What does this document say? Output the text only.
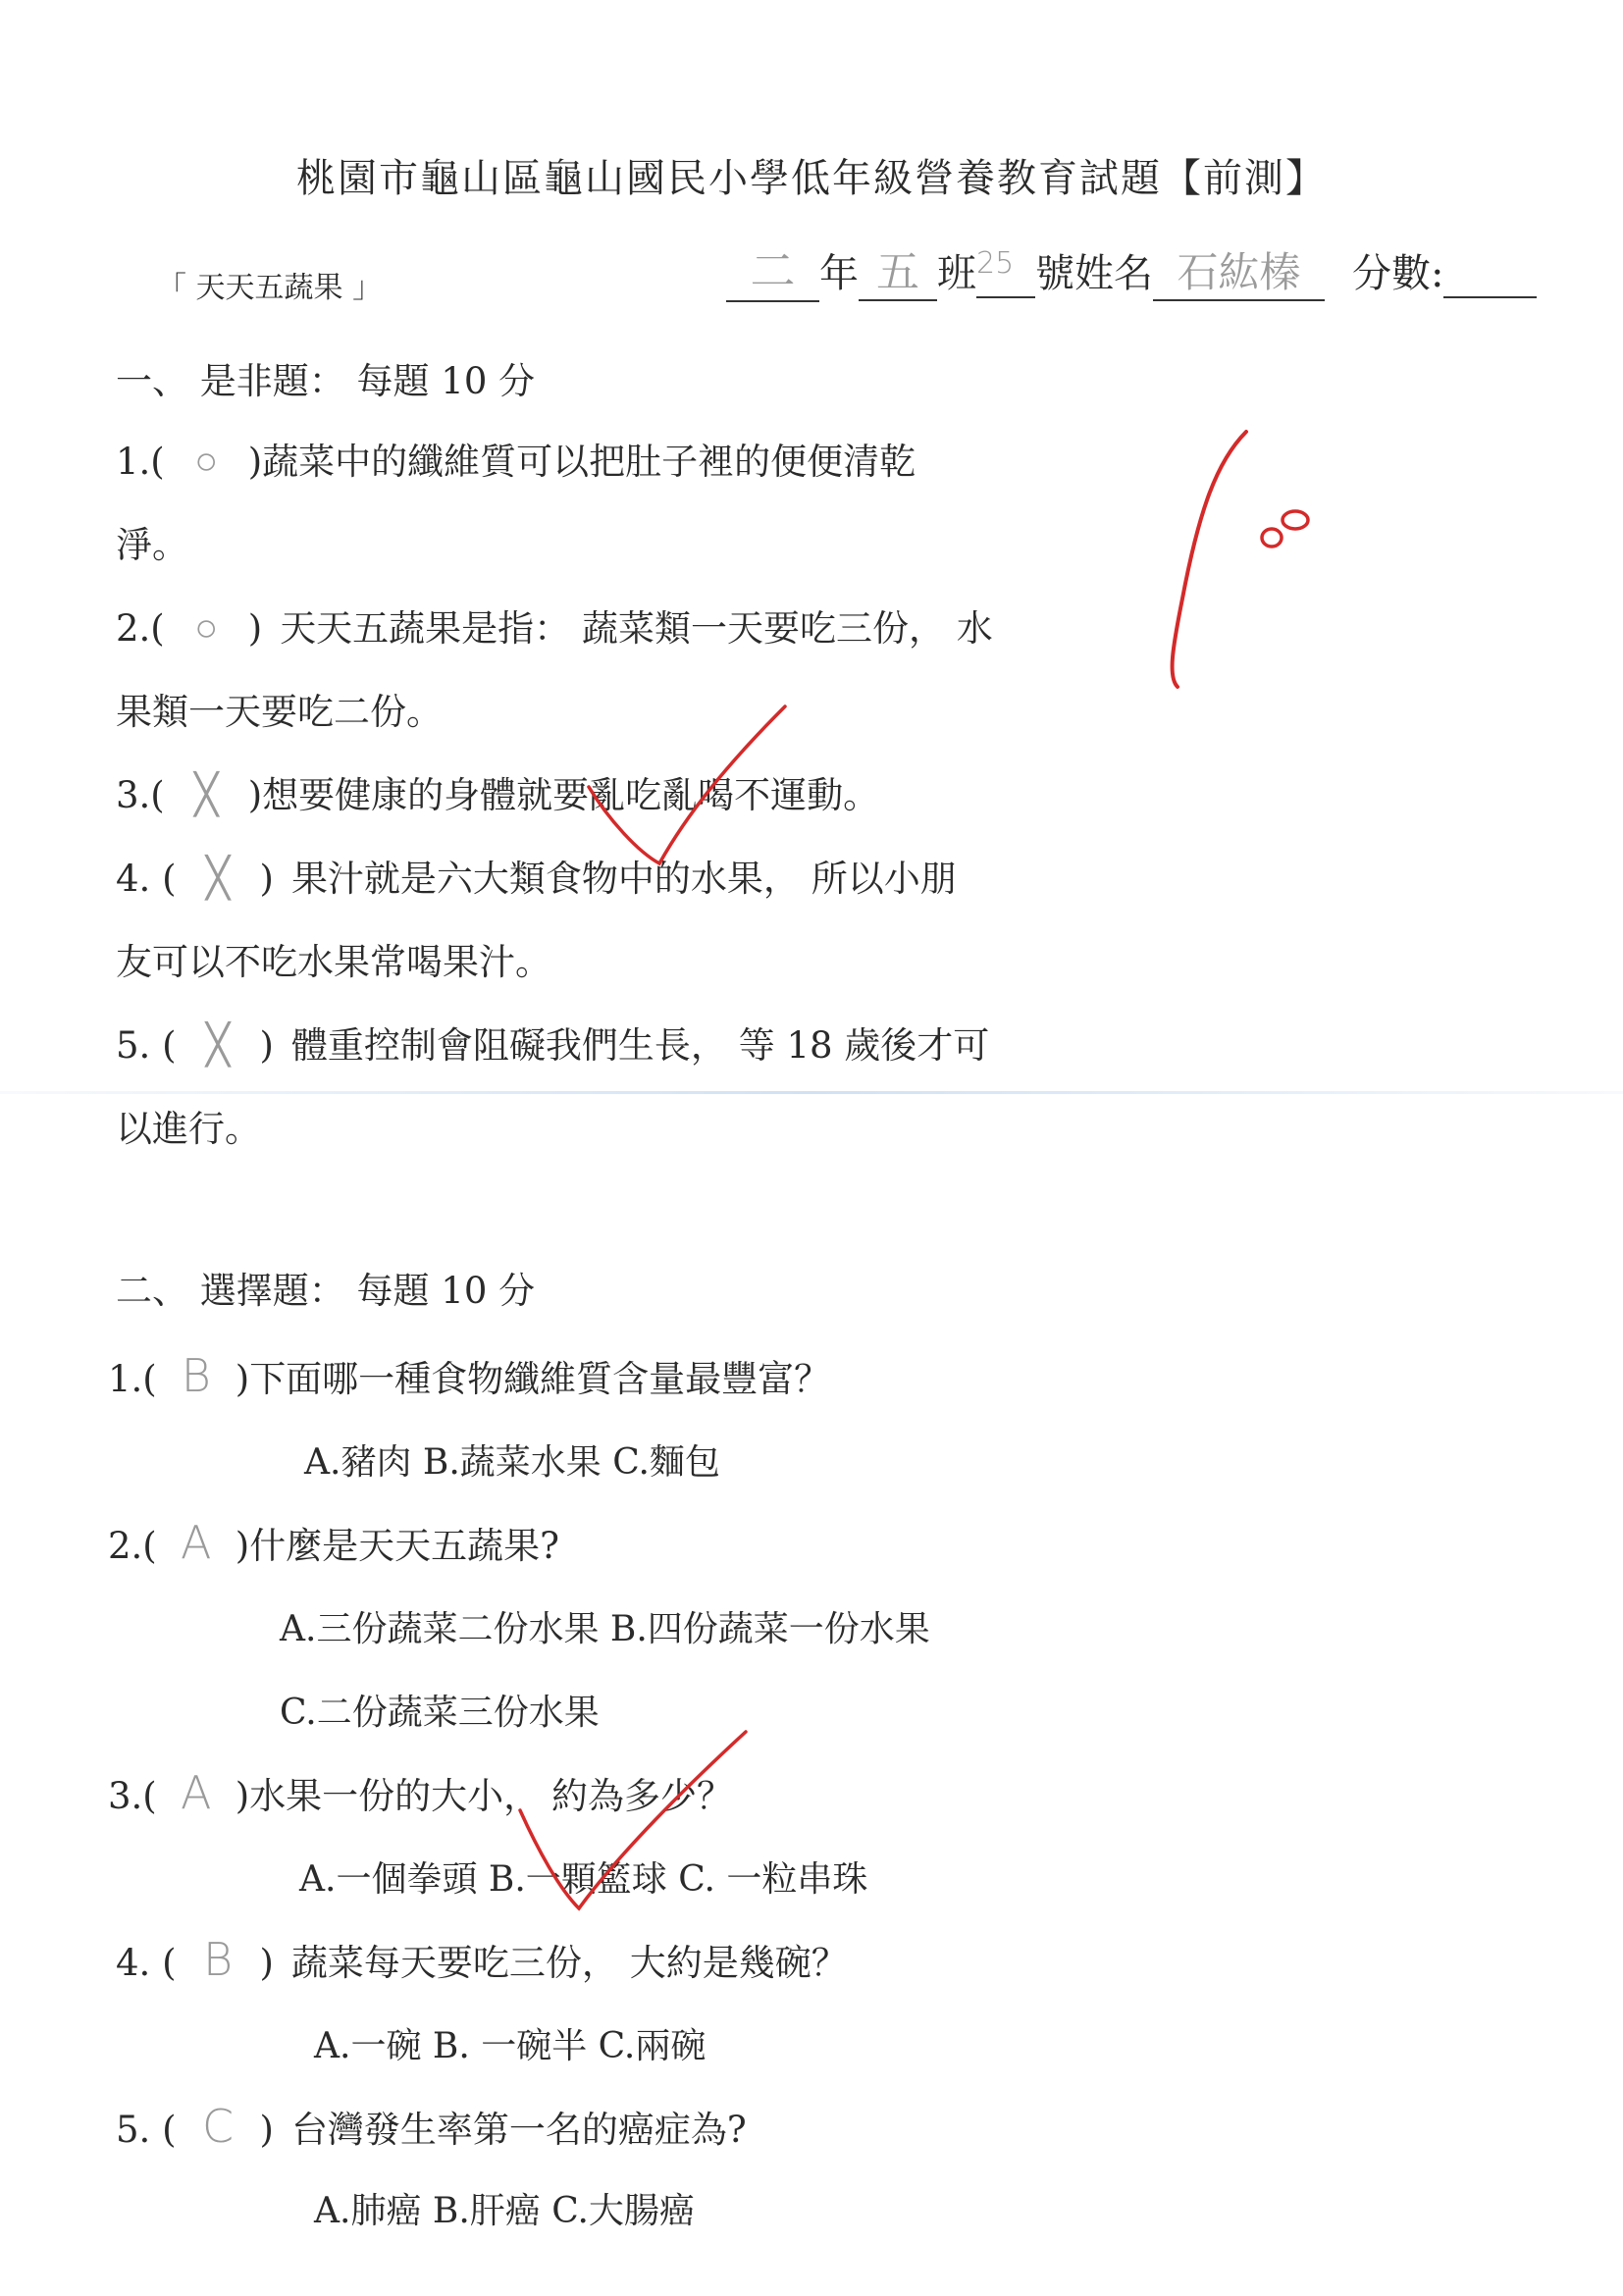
桃園市龜山區龜山國民小學低年級營養教育試題【前測】
「 天天五蔬果 」	二 年 五 班$^{25}$ 號姓名 石紘榛 分數:
一、 是非題： 每題 10 分
1.( ○ )蔬菜中的纖維質可以把肚子裡的便便清乾
淨。
2.( ○ ) 天天五蔬果是指： 蔬菜類一天要吃三份， 水
果類一天要吃二份。
3.( ╳ )想要健康的身體就要亂吃亂喝不運動。
4. ( ╳ ) 果汁就是六大類食物中的水果， 所以小朋
友可以不吃水果常喝果汁。
5. ( ╳ ) 體重控制會阻礙我們生長， 等 18 歲後才可
以進行。
二、 選擇題： 每題 10 分
1.( B )下面哪一種食物纖維質含量最豐富？
A.豬肉 B.蔬菜水果 C.麵包
2.( A )什麼是天天五蔬果?
A.三份蔬菜二份水果 B.四份蔬菜一份水果
C.二份蔬菜三份水果
3.( A )水果一份的大小， 約為多少？
A.一個拳頭 B.一顆籃球 C. 一粒串珠
4. ( B ) 蔬菜每天要吃三份， 大約是幾碗？
A.一碗 B. 一碗半 C.兩碗
5. ( C ) 台灣發生率第一名的癌症為?
A.肺癌 B.肝癌 C.大腸癌
